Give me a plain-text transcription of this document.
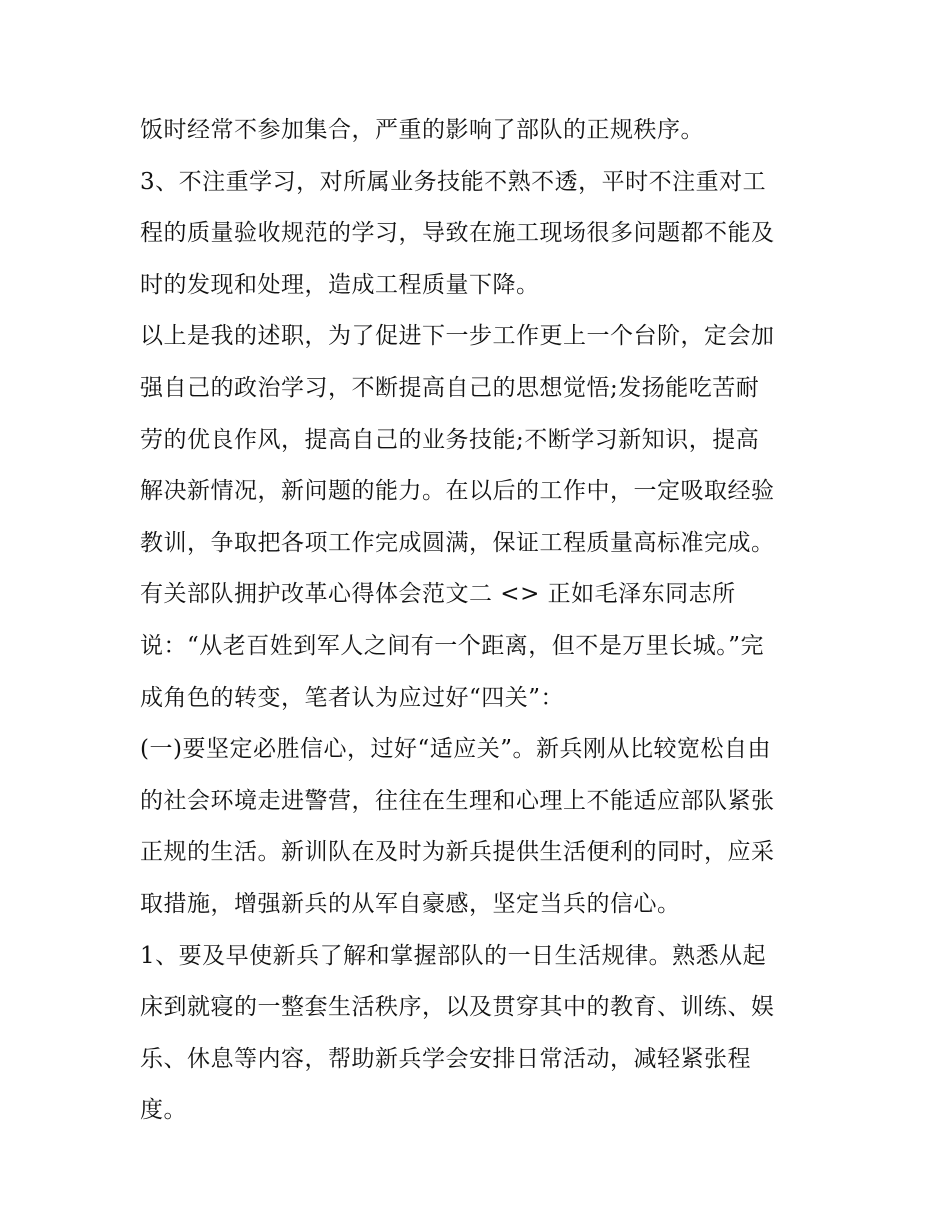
饭时经常不参加集合，严重的影响了部队的正规秩序。
3、不注重学习，对所属业务技能不熟不透，平时不注重对工
程的质量验收规范的学习，导致在施工现场很多问题都不能及
时的发现和处理，造成工程质量下降。
以上是我的述职，为了促进下一步工作更上一个台阶，定会加
强自己的政治学习，不断提高自己的思想觉悟;发扬能吃苦耐
劳的优良作风，提高自己的业务技能;不断学习新知识，提高
解决新情况，新问题的能力。在以后的工作中，一定吸取经验
教训，争取把各项工作完成圆满，保证工程质量高标准完成。
有关部队拥护改革心得体会范文二 <> 正如毛泽东同志所
说：“从老百姓到军人之间有一个距离，但不是万里长城。”完
成角色的转变，笔者认为应过好“四关”：
(一)要坚定必胜信心，过好“适应关”。新兵刚从比较宽松自由
的社会环境走进警营，往往在生理和心理上不能适应部队紧张
正规的生活。新训队在及时为新兵提供生活便利的同时，应采
取措施，增强新兵的从军自豪感，坚定当兵的信心。
1、要及早使新兵了解和掌握部队的一日生活规律。熟悉从起
床到就寝的一整套生活秩序，以及贯穿其中的教育、训练、娱
乐、休息等内容，帮助新兵学会安排日常活动，减轻紧张程
度。
